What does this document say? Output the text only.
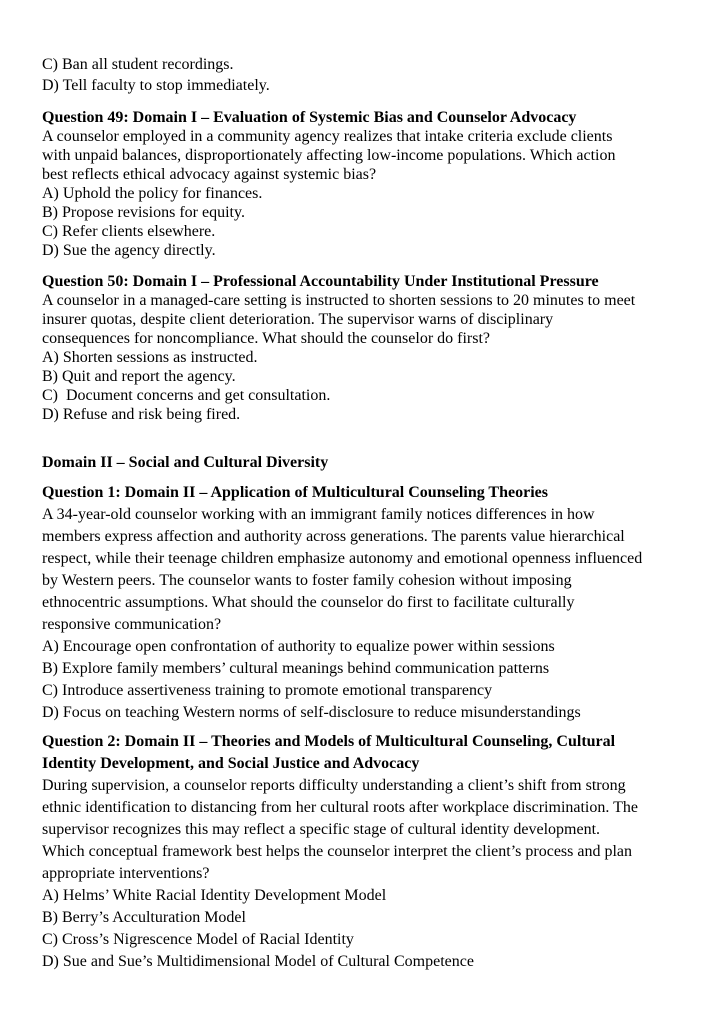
C) Ban all student recordings.
D) Tell faculty to stop immediately.
Question 49: Domain I – Evaluation of Systemic Bias and Counselor Advocacy
A counselor employed in a community agency realizes that intake criteria exclude clients
with unpaid balances, disproportionately affecting low-income populations. Which action
best reflects ethical advocacy against systemic bias?
A) Uphold the policy for finances.
B) Propose revisions for equity.
C) Refer clients elsewhere.
D) Sue the agency directly.
Question 50: Domain I – Professional Accountability Under Institutional Pressure
A counselor in a managed-care setting is instructed to shorten sessions to 20 minutes to meet
insurer quotas, despite client deterioration. The supervisor warns of disciplinary
consequences for noncompliance. What should the counselor do first?
A) Shorten sessions as instructed.
B) Quit and report the agency.
C)  Document concerns and get consultation.
D) Refuse and risk being fired.
Domain II – Social and Cultural Diversity
Question 1: Domain II – Application of Multicultural Counseling Theories
A 34-year-old counselor working with an immigrant family notices differences in how
members express affection and authority across generations. The parents value hierarchical
respect, while their teenage children emphasize autonomy and emotional openness influenced
by Western peers. The counselor wants to foster family cohesion without imposing
ethnocentric assumptions. What should the counselor do first to facilitate culturally
responsive communication?
A) Encourage open confrontation of authority to equalize power within sessions
B) Explore family members’ cultural meanings behind communication patterns
C) Introduce assertiveness training to promote emotional transparency
D) Focus on teaching Western norms of self-disclosure to reduce misunderstandings
Question 2: Domain II – Theories and Models of Multicultural Counseling, Cultural
Identity Development, and Social Justice and Advocacy
During supervision, a counselor reports difficulty understanding a client’s shift from strong
ethnic identification to distancing from her cultural roots after workplace discrimination. The
supervisor recognizes this may reflect a specific stage of cultural identity development.
Which conceptual framework best helps the counselor interpret the client’s process and plan
appropriate interventions?
A) Helms’ White Racial Identity Development Model
B) Berry’s Acculturation Model
C) Cross’s Nigrescence Model of Racial Identity
D) Sue and Sue’s Multidimensional Model of Cultural Competence
